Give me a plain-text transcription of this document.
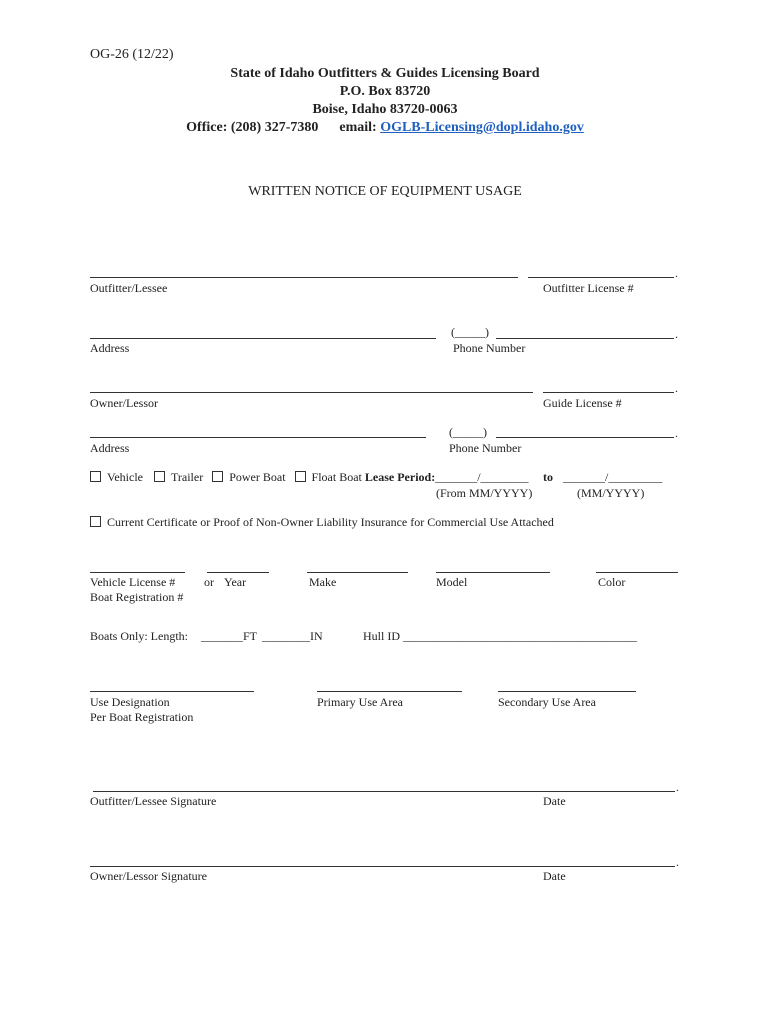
OG-26 (12/22)
State of Idaho Outfitters & Guides Licensing Board
P.O. Box 83720
Boise, Idaho 83720-0063
Office: (208) 327-7380 email: OGLB-Licensing@dopl.idaho.gov
WRITTEN NOTICE OF EQUIPMENT USAGE
.
Outfitter/Lessee	Outfitter License #
(_____)	.
Address	Phone Number
.
Owner/Lessor	Guide License #
(_____)	.
Address	Phone Number
Vehicle Trailer Power Boat Float Boat Lease Period:_______/________ to _______/_________
(From MM/YYYY)	(MM/YYYY)
Current Certificate or Proof of Non-Owner Liability Insurance for Commercial Use Attached
Vehicle License #
Boat Registration #
or Year	Make	Model	Color
Boats Only: Length: _______FT ________IN	Hull ID _______________________________________
Use Designation
Per Boat Registration
Primary Use Area	Secondary Use Area
.
Outfitter/Lessee Signature	Date
.
Owner/Lessor Signature	Date
